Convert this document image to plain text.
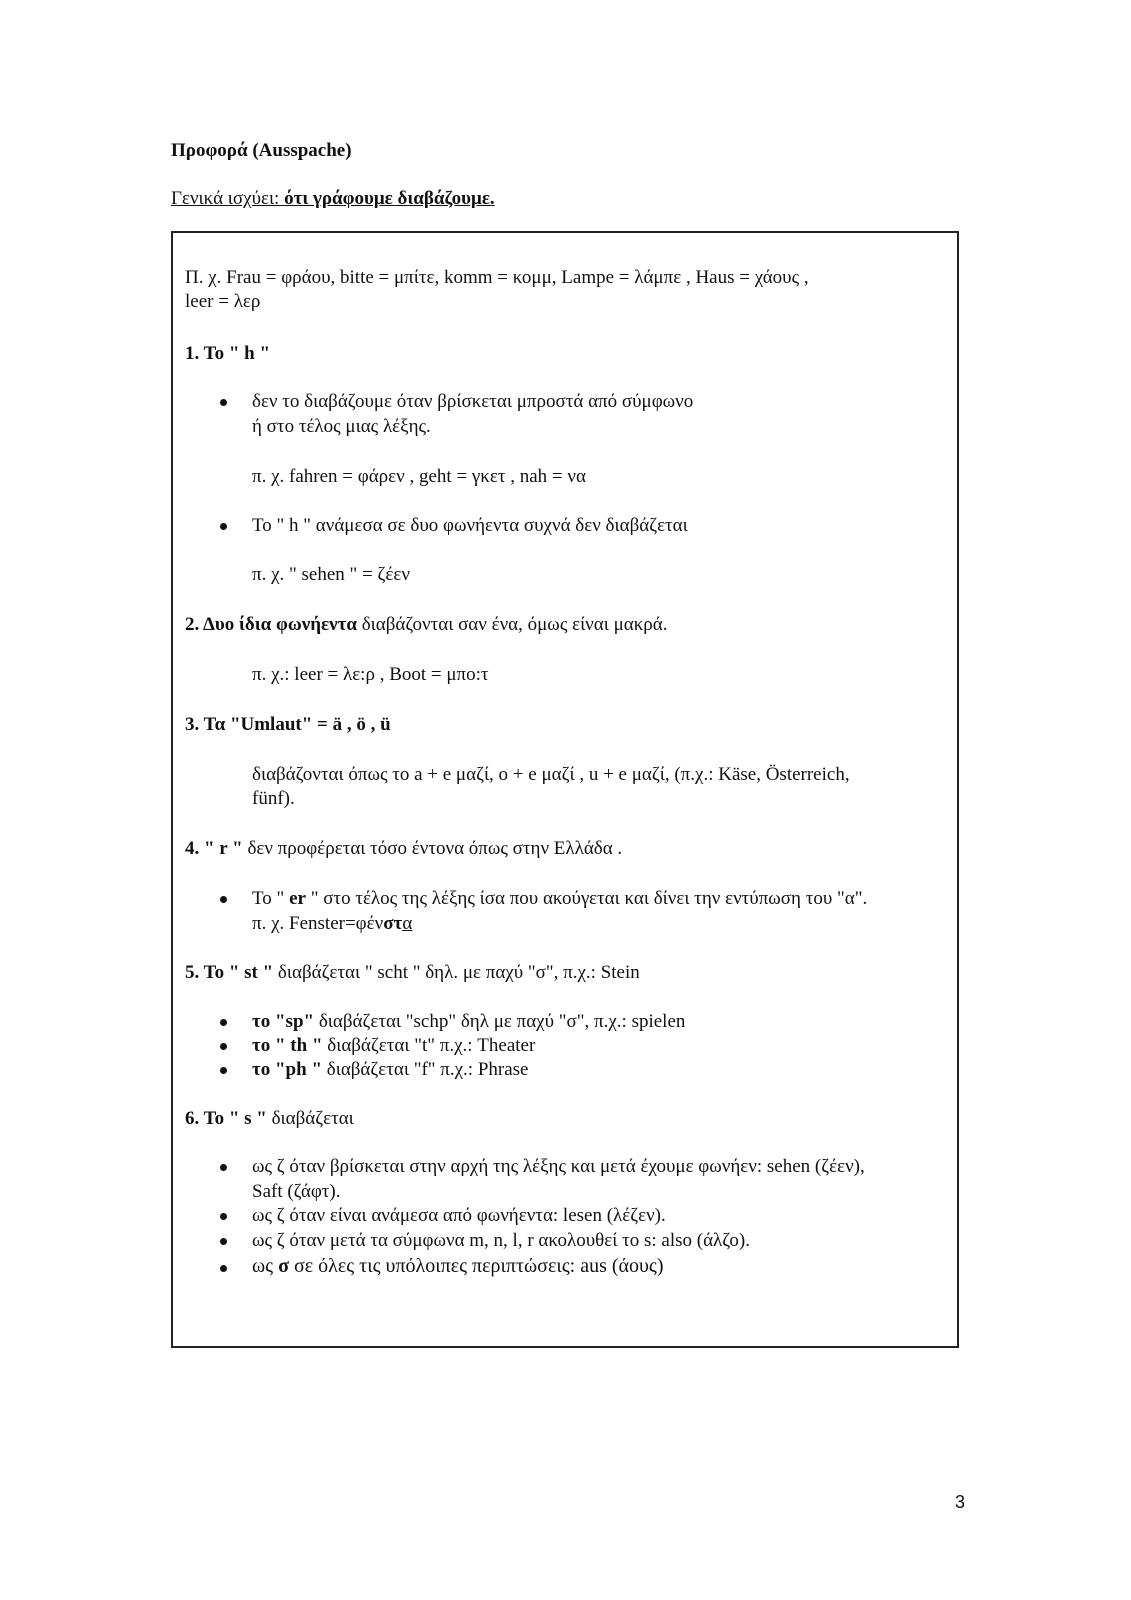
Προφορά (Ausspache)
Γενικά ισχύει: ότι γράφουμε διαβάζουμε.
Π. χ. Frau = φράου, bitte = μπίτε, komm = κομμ, Lampe = λάμπε , Haus = χάους ,
leer = λερ
1. Το " h "
δεν το διαβάζουμε όταν βρίσκεται μπροστά από σύμφωνο
ή στο τέλος μιας λέξης.
π. χ. fahren = φάρεν , geht = γκετ , nah = να
Το " h " ανάμεσα σε δυο φωνήεντα συχνά δεν διαβάζεται
π. χ. " sehen " = ζέεν
2. Δυο ίδια φωνήεντα διαβάζονται σαν ένα, όμως είναι μακρά.
π. χ.: leer = λε:ρ , Boot = μπο:τ
3. Τα "Umlaut" = ä , ö , ü
διαβάζονται όπως το a + e μαζί, o + e μαζί , u + e μαζί, (π.χ.: Käse, Österreich,
fünf).
4. " r " δεν προφέρεται τόσο έντονα όπως στην Ελλάδα .
Το " er " στο τέλος της λέξης ίσα που ακούγεται και δίνει την εντύπωση του "α".
π. χ. Fenster=φένστα
5. Το " st " διαβάζεται " scht " δηλ. με παχύ "σ", π.χ.: Stein
το "sp" διαβάζεται "schp" δηλ με παχύ "σ", π.χ.: spielen
το " th " διαβάζεται "t" π.χ.: Theater
το "ph " διαβάζεται "f" π.χ.: Phrase
6. Το " s " διαβάζεται
ως ζ όταν βρίσκεται στην αρχή της λέξης και μετά έχουμε φωνήεν: sehen (ζέεν),
Saft (ζάφτ).
ως ζ όταν είναι ανάμεσα από φωνήεντα: lesen (λέζεν).
ως ζ όταν μετά τα σύμφωνα m, n, l, r ακολουθεί το s: also (άλζο).
ως σ σε όλες τις υπόλοιπες περιπτώσεις: aus (άους)
3
